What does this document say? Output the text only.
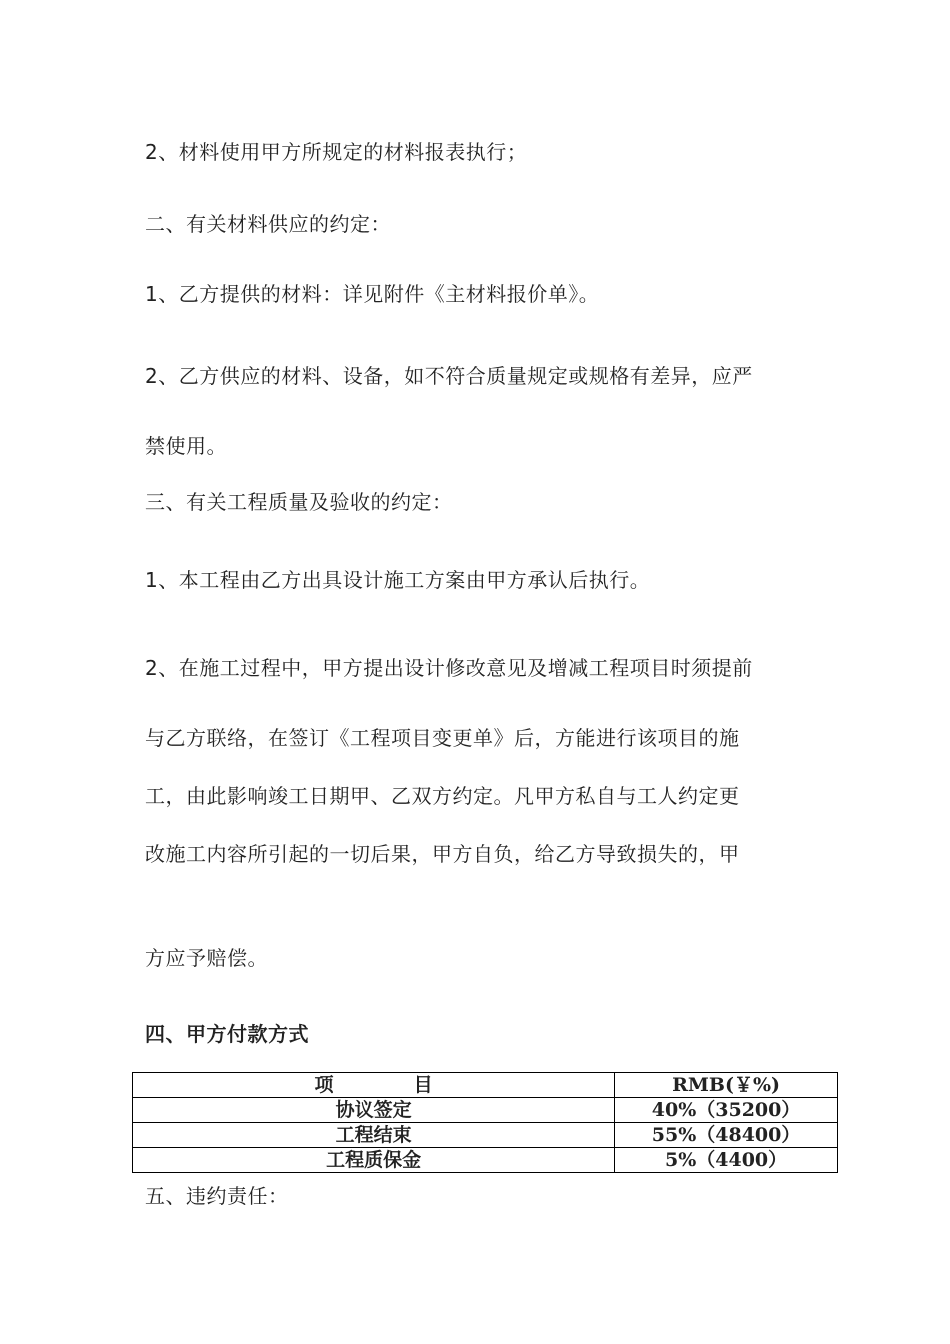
2、材料使用甲方所规定的材料报表执行；
二、有关材料供应的约定：
1、乙方提供的材料：详见附件《主材料报价单》。
2、乙方供应的材料、设备，如不符合质量规定或规格有差异，应严
禁使用。
三、有关工程质量及验收的约定：
1、本工程由乙方出具设计施工方案由甲方承认后执行。
2、在施工过程中，甲方提出设计修改意见及增减工程项目时须提前
与乙方联络，在签订《工程项目变更单》后，方能进行该项目的施
工，由此影响竣工日期甲、乙双方约定。凡甲方私自与工人约定更
改施工内容所引起的一切后果，甲方自负，给乙方导致损失的，甲
方应予赔偿。
四、甲方付款方式
项 目	RMB(￥%)
协议签定	40%（35200）
工程结束	55%（48400）
工程质保金	5%（4400）
五、违约责任：
